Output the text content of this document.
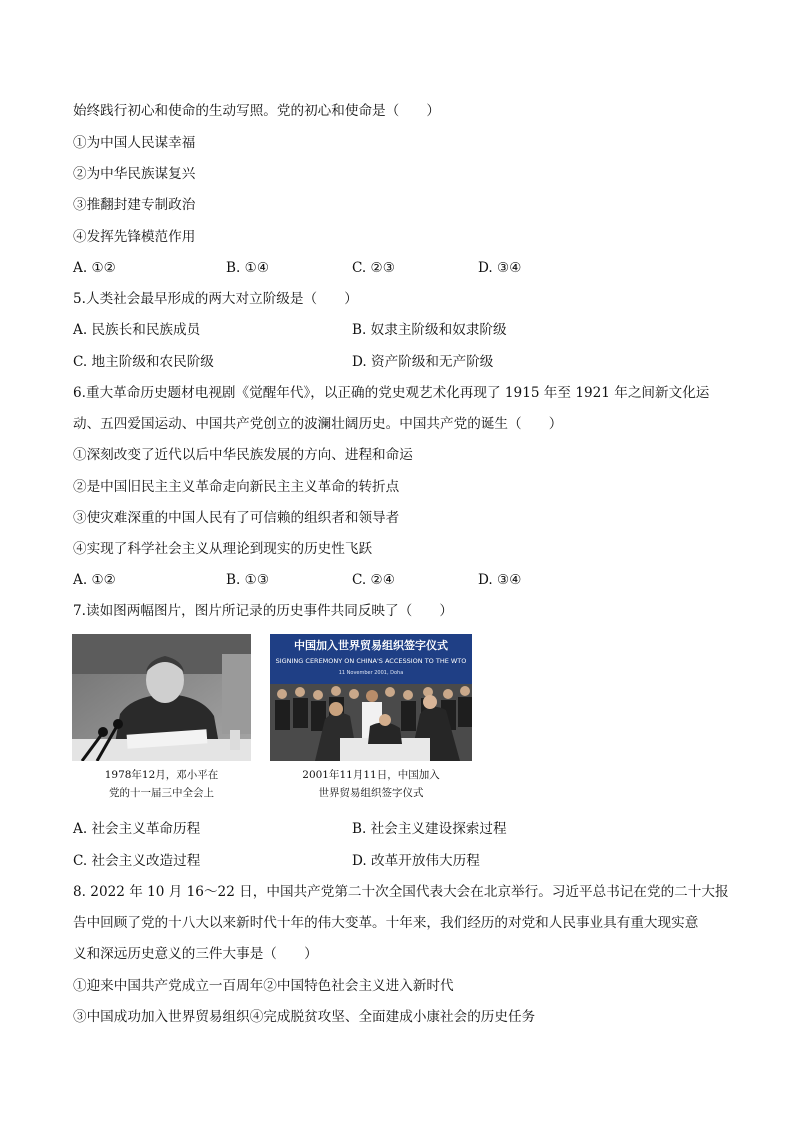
始终践行初心和使命的生动写照。党的初心和使命是（　　）
①为中国人民谋幸福
②为中华民族谋复兴
③推翻封建专制政治
④发挥先锋模范作用
A. ①②	B. ①④	C. ②③	D. ③④
5.人类社会最早形成的两大对立阶级是（　　）
A. 民族长和民族成员	B. 奴隶主阶级和奴隶阶级
C. 地主阶级和农民阶级	D. 资产阶级和无产阶级
6.重大革命历史题材电视剧《觉醒年代》，以正确的党史观艺术化再现了 1915 年至 1921 年之间新文化运
动、五四爱国运动、中国共产党创立的波澜壮阔历史。中国共产党的诞生（　　）
①深刻改变了近代以后中华民族发展的方向、进程和命运
②是中国旧民主主义革命走向新民主主义革命的转折点
③使灾难深重的中国人民有了可信赖的组织者和领导者
④实现了科学社会主义从理论到现实的历史性飞跃
A. ①②	B. ①③	C. ②④	D. ③④
7.读如图两幅图片，图片所记录的历史事件共同反映了（　　）
1978年12月，邓小平在
党的十一届三中全会上
中国加入世界贸易组织签字仪式
SIGNING CEREMONY ON CHINA'S ACCESSION TO THE WTO
11 November 2001, Doha
2001年11月11日，中国加入
世界贸易组织签字仪式
A. 社会主义革命历程	B. 社会主义建设探索过程
C. 社会主义改造过程	D. 改革开放伟大历程
8. 2022 年 10 月 16～22 日，中国共产党第二十次全国代表大会在北京举行。习近平总书记在党的二十大报
告中回顾了党的十八大以来新时代十年的伟大变革。十年来，我们经历的对党和人民事业具有重大现实意
义和深远历史意义的三件大事是（　　）
①迎来中国共产党成立一百周年②中国特色社会主义进入新时代
③中国成功加入世界贸易组织④完成脱贫攻坚、全面建成小康社会的历史任务
